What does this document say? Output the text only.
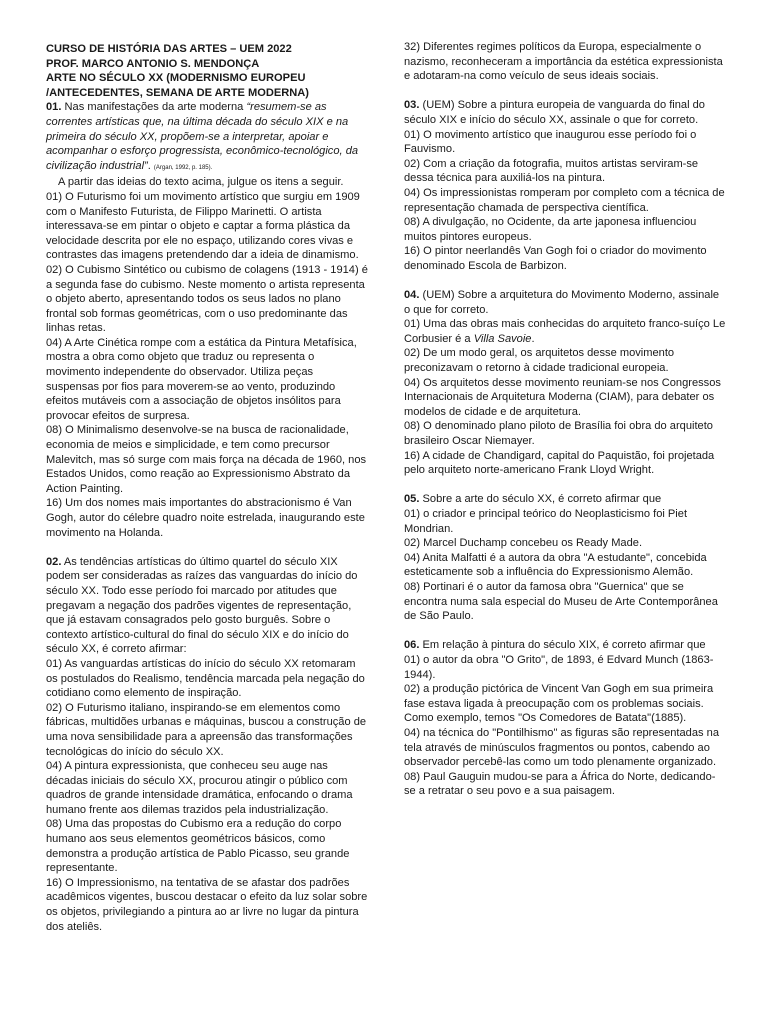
CURSO DE HISTÓRIA DAS ARTES – UEM 2022

PROF. MARCO ANTONIO S. MENDONÇA

ARTE NO SÉCULO XX (MODERNISMO EUROPEU /ANTECEDENTES, SEMANA DE ARTE MODERNA)

01. Nas manifestações da arte moderna “resumem-se as correntes artísticas que, na última década do século XIX e na primeira do século XX, propõem-se a interpretar, apoiar e acompanhar o esforço progressista, econômico-tecnológico, da civilização industrial”. (Argan, 1992, p. 185).

A partir das ideias do texto acima, julgue os itens a seguir.

01) O Futurismo foi um movimento artístico que surgiu em 1909 com o Manifesto Futurista, de Filippo Marinetti. O artista interessava-se em pintar o objeto e captar a forma plástica da velocidade descrita por ele no espaço, utilizando cores vivas e contrastes das imagens pretendendo dar a ideia de dinamismo.

02) O Cubismo Sintético ou cubismo de colagens (1913 - 1914) é a segunda fase do cubismo. Neste momento o artista representa o objeto aberto, apresentando todos os seus lados no plano frontal sob formas geométricas, com o uso predominante das linhas retas.

04) A Arte Cinética rompe com a estática da Pintura Metafísica, mostra a obra como objeto que traduz ou representa o movimento independente do observador. Utiliza peças suspensas por fios para moverem-se ao vento, produzindo efeitos mutáveis com a associação de objetos insólitos para provocar efeitos de surpresa.

08) O Minimalismo desenvolve-se na busca de racionalidade, economia de meios e simplicidade, e tem como precursor Malevitch, mas só surge com mais força na década de 1960, nos Estados Unidos, como reação ao Expressionismo Abstrato da Action Painting.

16) Um dos nomes mais importantes do abstracionismo é Van Gogh, autor do célebre quadro noite estrelada, inaugurando este movimento na Holanda.

02. As tendências artísticas do último quartel do século XIX podem ser consideradas as raízes das vanguardas do início do século XX. Todo esse período foi marcado por atitudes que pregavam a negação dos padrões vigentes de representação, que já estavam consagrados pelo gosto burguês. Sobre o contexto artístico-cultural do final do século XIX e do início do século XX, é correto afirmar:

01) As vanguardas artísticas do início do século XX retomaram os postulados do Realismo, tendência marcada pela negação do cotidiano como elemento de inspiração.

02) O Futurismo italiano, inspirando-se em elementos como fábricas, multidões urbanas e máquinas, buscou a construção de uma nova sensibilidade para a apreensão das transformações tecnológicas do início do século XX.

04) A pintura expressionista, que conheceu seu auge nas décadas iniciais do século XX, procurou atingir o público com quadros de grande intensidade dramática, enfocando o drama humano frente aos dilemas trazidos pela industrialização.

08) Uma das propostas do Cubismo era a redução do corpo humano aos seus elementos geométricos básicos, como demonstra a produção artística de Pablo Picasso, seu grande representante.

16) O Impressionismo, na tentativa de se afastar dos padrões acadêmicos vigentes, buscou destacar o efeito da luz solar sobre os objetos, privilegiando a pintura ao ar livre no lugar da pintura dos ateliês.

32) Diferentes regimes políticos da Europa, especialmente o nazismo, reconheceram a importância da estética expressionista e adotaram-na como veículo de seus ideais sociais.

03. (UEM) Sobre a pintura europeia de vanguarda do final do século XIX e início do século XX, assinale o que for correto.

01) O movimento artístico que inaugurou esse período foi o Fauvismo.

02) Com a criação da fotografia, muitos artistas serviram-se dessa técnica para auxiliá-los na pintura.

04) Os impressionistas romperam por completo com a técnica de representação chamada de perspectiva científica.

08) A divulgação, no Ocidente, da arte japonesa influenciou muitos pintores europeus.

16) O pintor neerlandês Van Gogh foi o criador do movimento denominado Escola de Barbizon.

04. (UEM) Sobre a arquitetura do Movimento Moderno, assinale o que for correto.

01) Uma das obras mais conhecidas do arquiteto franco-suíço Le Corbusier é a Villa Savoie.

02) De um modo geral, os arquitetos desse movimento preconizavam o retorno à cidade tradicional europeia.

04) Os arquitetos desse movimento reuniam-se nos Congressos Internacionais de Arquitetura Moderna (CIAM), para debater os modelos de cidade e de arquitetura.

08) O denominado plano piloto de Brasília foi obra do arquiteto brasileiro Oscar Niemayer.

16) A cidade de Chandigard, capital do Paquistão, foi projetada pelo arquiteto norte-americano Frank Lloyd Wright.

05. Sobre a arte do século XX, é correto afirmar que

01) o criador e principal teórico do Neoplasticismo foi Piet Mondrian.

02) Marcel Duchamp concebeu os Ready Made.

04) Anita Malfatti é a autora da obra "A estudante", concebida esteticamente sob a influência do Expressionismo Alemão.

08) Portinari é o autor da famosa obra "Guernica" que se encontra numa sala especial do Museu de Arte Contemporânea de São Paulo.

06. Em relação à pintura do século XIX, é correto afirmar que

01) o autor da obra "O Grito", de 1893, é Edvard Munch (1863-1944).

02) a produção pictórica de Vincent Van Gogh em sua primeira fase estava ligada à preocupação com os problemas sociais. Como exemplo, temos "Os Comedores de Batata"(1885).

04) na técnica do "Pontilhismo" as figuras são representadas na tela através de minúsculos fragmentos ou pontos, cabendo ao observador percebê-las como um todo plenamente organizado.

08) Paul Gauguin mudou-se para a África do Norte, dedicando-se a retratar o seu povo e a sua paisagem.
